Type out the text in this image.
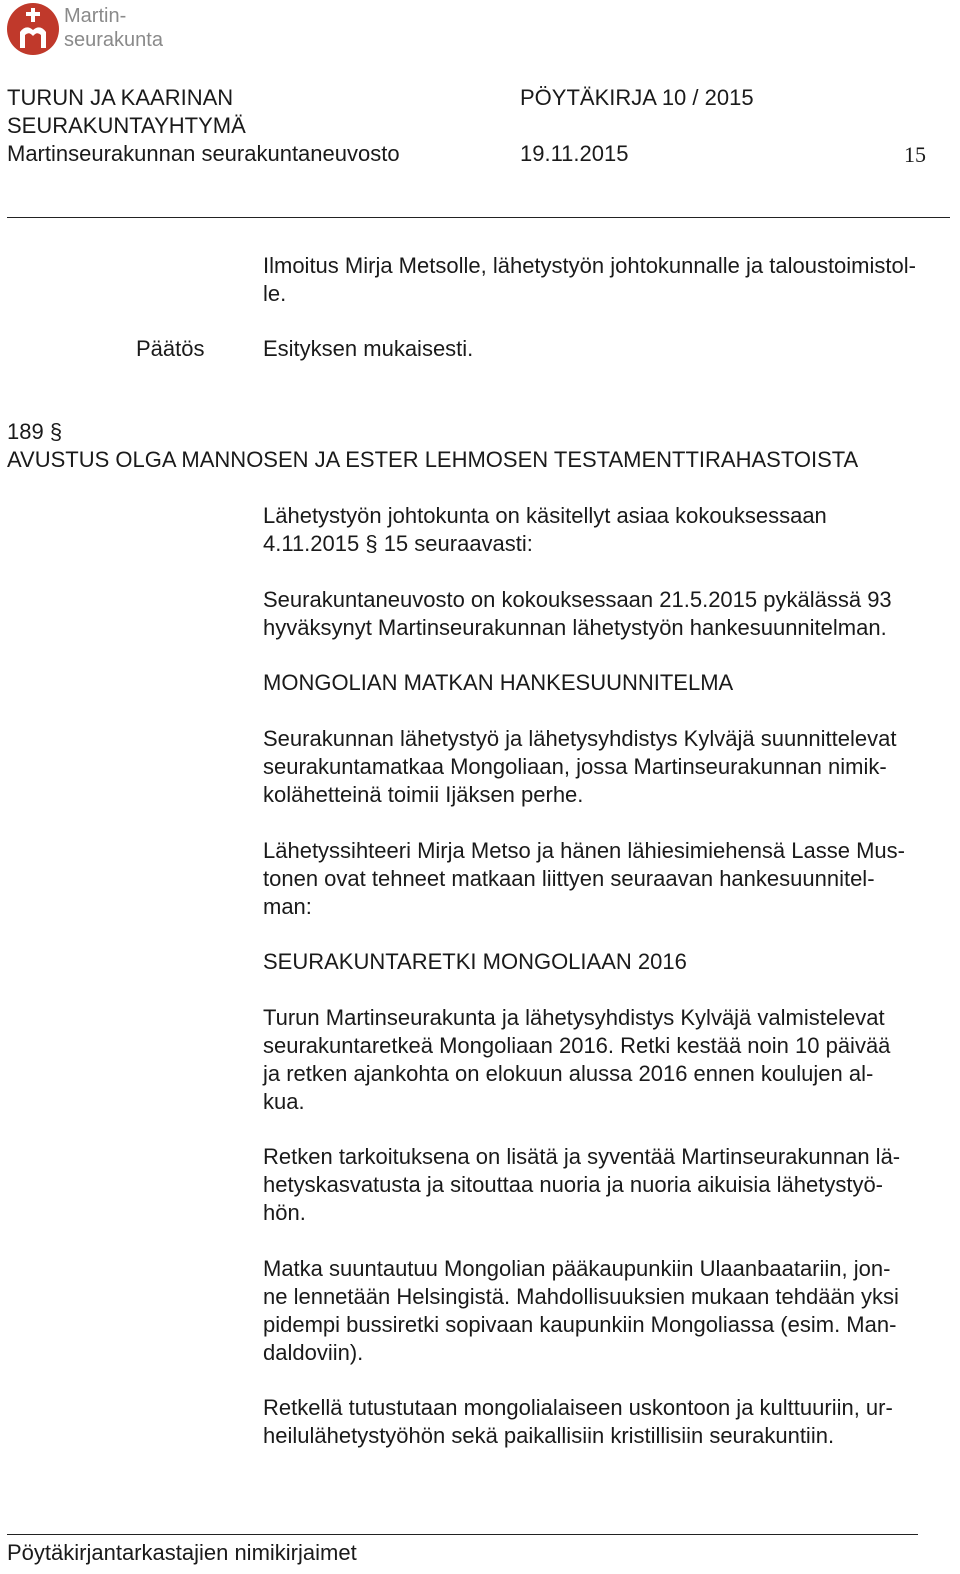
Martin-
seurakunta
TURUN JA KAARINAN
SEURAKUNTAYHTYMÄ
Martinseurakunnan seurakuntaneuvosto
PÖYTÄKIRJA 10 / 2015
19.11.2015	15
Ilmoitus Mirja Metsolle, lähetystyön johtokunnalle ja taloustoimistol-
le.
Päätös	Esityksen mukaisesti.
189 §
AVUSTUS OLGA MANNOSEN JA ESTER LEHMOSEN TESTAMENTTIRAHASTOISTA
Lähetystyön johtokunta on käsitellyt asiaa kokouksessaan
4.11.2015 § 15 seuraavasti:
Seurakuntaneuvosto on kokouksessaan 21.5.2015 pykälässä 93
hyväksynyt Martinseurakunnan lähetystyön hankesuunnitelman.
MONGOLIAN MATKAN HANKESUUNNITELMA
Seurakunnan lähetystyö ja lähetysyhdistys Kylväjä suunnittelevat
seurakuntamatkaa Mongoliaan, jossa Martinseurakunnan nimik-
kolähetteinä toimii Ijäksen perhe.
Lähetyssihteeri Mirja Metso ja hänen lähiesimiehensä Lasse Mus-
tonen ovat tehneet matkaan liittyen seuraavan hankesuunnitel-
man:
SEURAKUNTARETKI MONGOLIAAN 2016
Turun Martinseurakunta ja lähetysyhdistys Kylväjä valmistelevat
seurakuntaretkeä Mongoliaan 2016. Retki kestää noin 10 päivää
ja retken ajankohta on elokuun alussa 2016 ennen koulujen al-
kua.
Retken tarkoituksena on lisätä ja syventää Martinseurakunnan lä-
hetyskasvatusta ja sitouttaa nuoria ja nuoria aikuisia lähetystyö-
hön.
Matka suuntautuu Mongolian pääkaupunkiin Ulaanbaatariin, jon-
ne lennetään Helsingistä. Mahdollisuuksien mukaan tehdään yksi
pidempi bussiretki sopivaan kaupunkiin Mongoliassa (esim. Man-
daldoviin).
Retkellä tutustutaan mongolialaiseen uskontoon ja kulttuuriin, ur-
heilulähetystyöhön sekä paikallisiin kristillisiin seurakuntiin.
Pöytäkirjantarkastajien nimikirjaimet
